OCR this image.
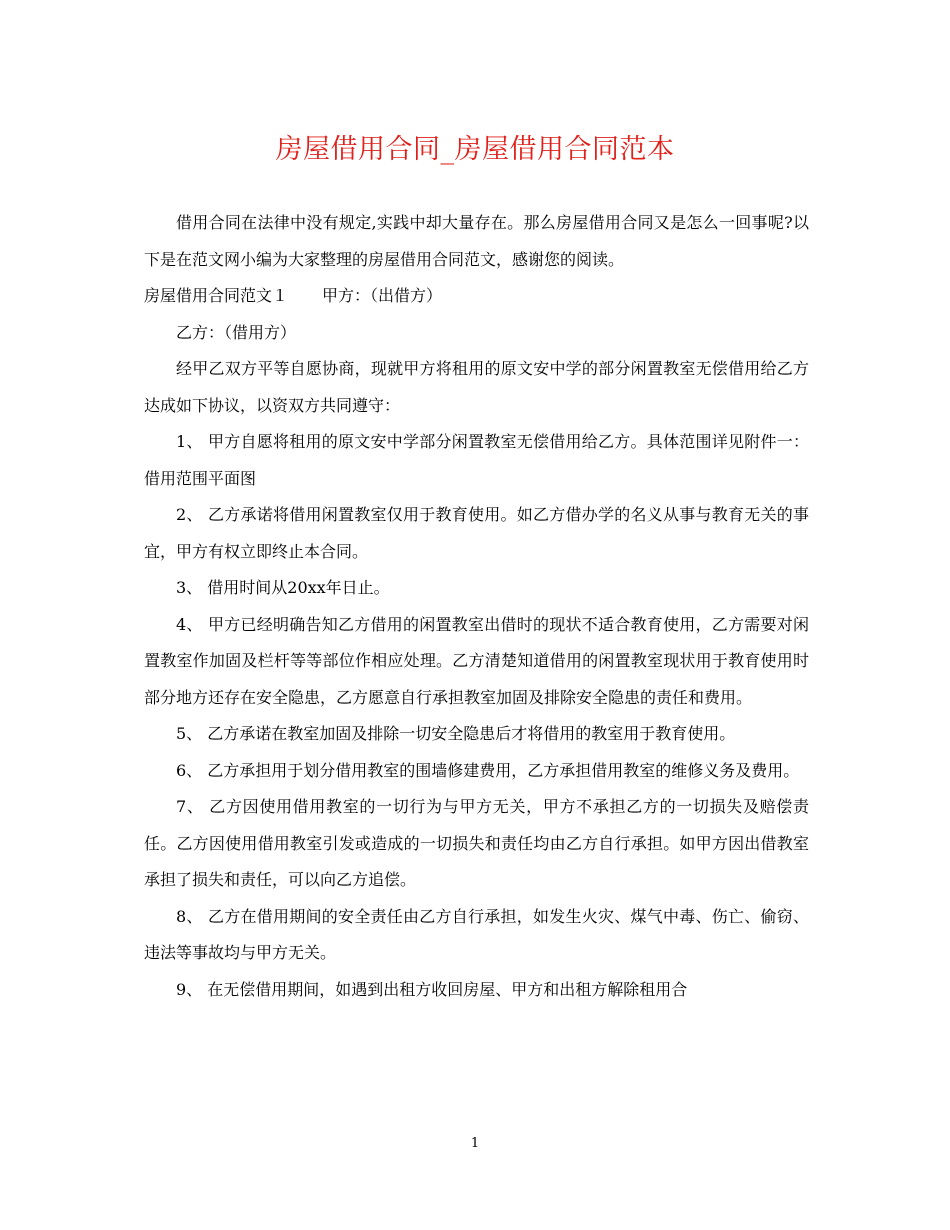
房屋借用合同_房屋借用合同范本

借用合同在法律中没有规定,实践中却大量存在。那么房屋借用合同又是怎么一回事呢?以下是在范文网小编为大家整理的房屋借用合同范文，感谢您的阅读。

房屋借用合同范文１ 甲方：（出借方）

乙方：（借用方）

经甲乙双方平等自愿协商，现就甲方将租用的原文安中学的部分闲置教室无偿借用给乙方达成如下协议，以资双方共同遵守：

1、 甲方自愿将租用的原文安中学部分闲置教室无偿借用给乙方。具体范围详见附件一：借用范围平面图

2、 乙方承诺将借用闲置教室仅用于教育使用。如乙方借办学的名义从事与教育无关的事宜，甲方有权立即终止本合同。

3、 借用时间从20xx年日止。

4、 甲方已经明确告知乙方借用的闲置教室出借时的现状不适合教育使用，乙方需要对闲置教室作加固及栏杆等等部位作相应处理。乙方清楚知道借用的闲置教室现状用于教育使用时部分地方还存在安全隐患，乙方愿意自行承担教室加固及排除安全隐患的责任和费用。

5、 乙方承诺在教室加固及排除一切安全隐患后才将借用的教室用于教育使用。

6、 乙方承担用于划分借用教室的围墙修建费用，乙方承担借用教室的维修义务及费用。

7、 乙方因使用借用教室的一切行为与甲方无关，甲方不承担乙方的一切损失及赔偿责任。乙方因使用借用教室引发或造成的一切损失和责任均由乙方自行承担。如甲方因出借教室承担了损失和责任，可以向乙方追偿。

8、 乙方在借用期间的安全责任由乙方自行承担，如发生火灾、煤气中毒、伤亡、偷窃、违法等事故均与甲方无关。

9、 在无偿借用期间，如遇到出租方收回房屋、甲方和出租方解除租用合

1
